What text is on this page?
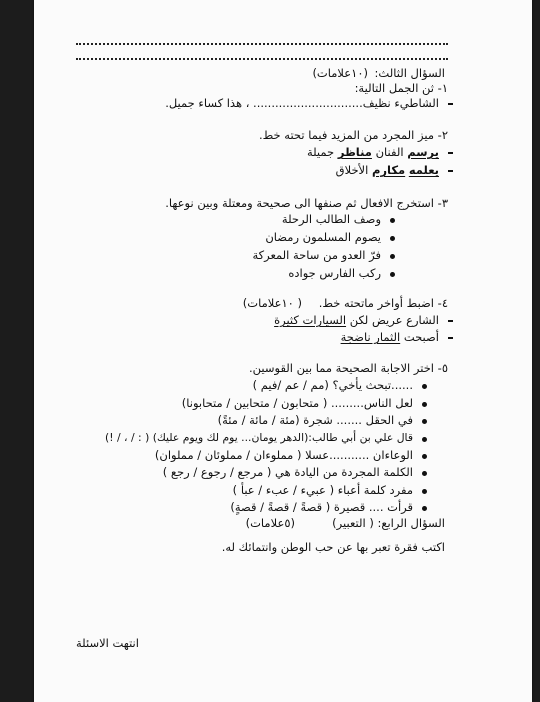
السؤال الثالث:
(١٠علامات)
١- ثن الجمل التالية:
الشاطيء نظيف.............................. ، هذا كساء جميل.
٢- ميز المجرد من المزيد فيما تحته خط.
يرسم الفنان مناظر جميلة
يعلمه مكارم الأخلاق
٣- استخرج الافعال ثم صنفها الى صحيحة ومعتلة وبين نوعها.
وصف الطالب الرحلة
يصوم المسلمون رمضان
فرّ العدو من ساحة المعركة
ركب الفارس جواده
٤- اضبط أواخر ماتحته خط.
( ١٠علامات)
الشارع عريض لكن السيارات كثيرة
أصبحت الثمار ناضجة
٥- اختر الاجابة الصحيحة مما بين القوسين.
......تبحث يأخي؟ (مم / عم /فيم )
لعل الناس......... ( متحابون / متحابين / متحابونا)
في الحقل ....... شجرة (مئة / مائة / مئةً)
قال علي بن أبي طالب:(الدهر يومان... يوم لك ويوم عليك) ( : / ، / !)
الوعاءان ...........عسلا ( مملوءان / مملوئان / مملوان)
الكلمة المجردة من اليادة هي ( مرجع / رجوع / رجع )
مفرد كلمة أعباء ( عبيء / عبء / عبأ )
قرأت .... قصيرة ( قصةً / قصةً / قصةٍ)
السؤال الرابع: ( التعبير)
(٥علامات)
اكتب فقرة تعبر بها عن حب الوطن وانتمائك له.
انتهت الاسئلة
